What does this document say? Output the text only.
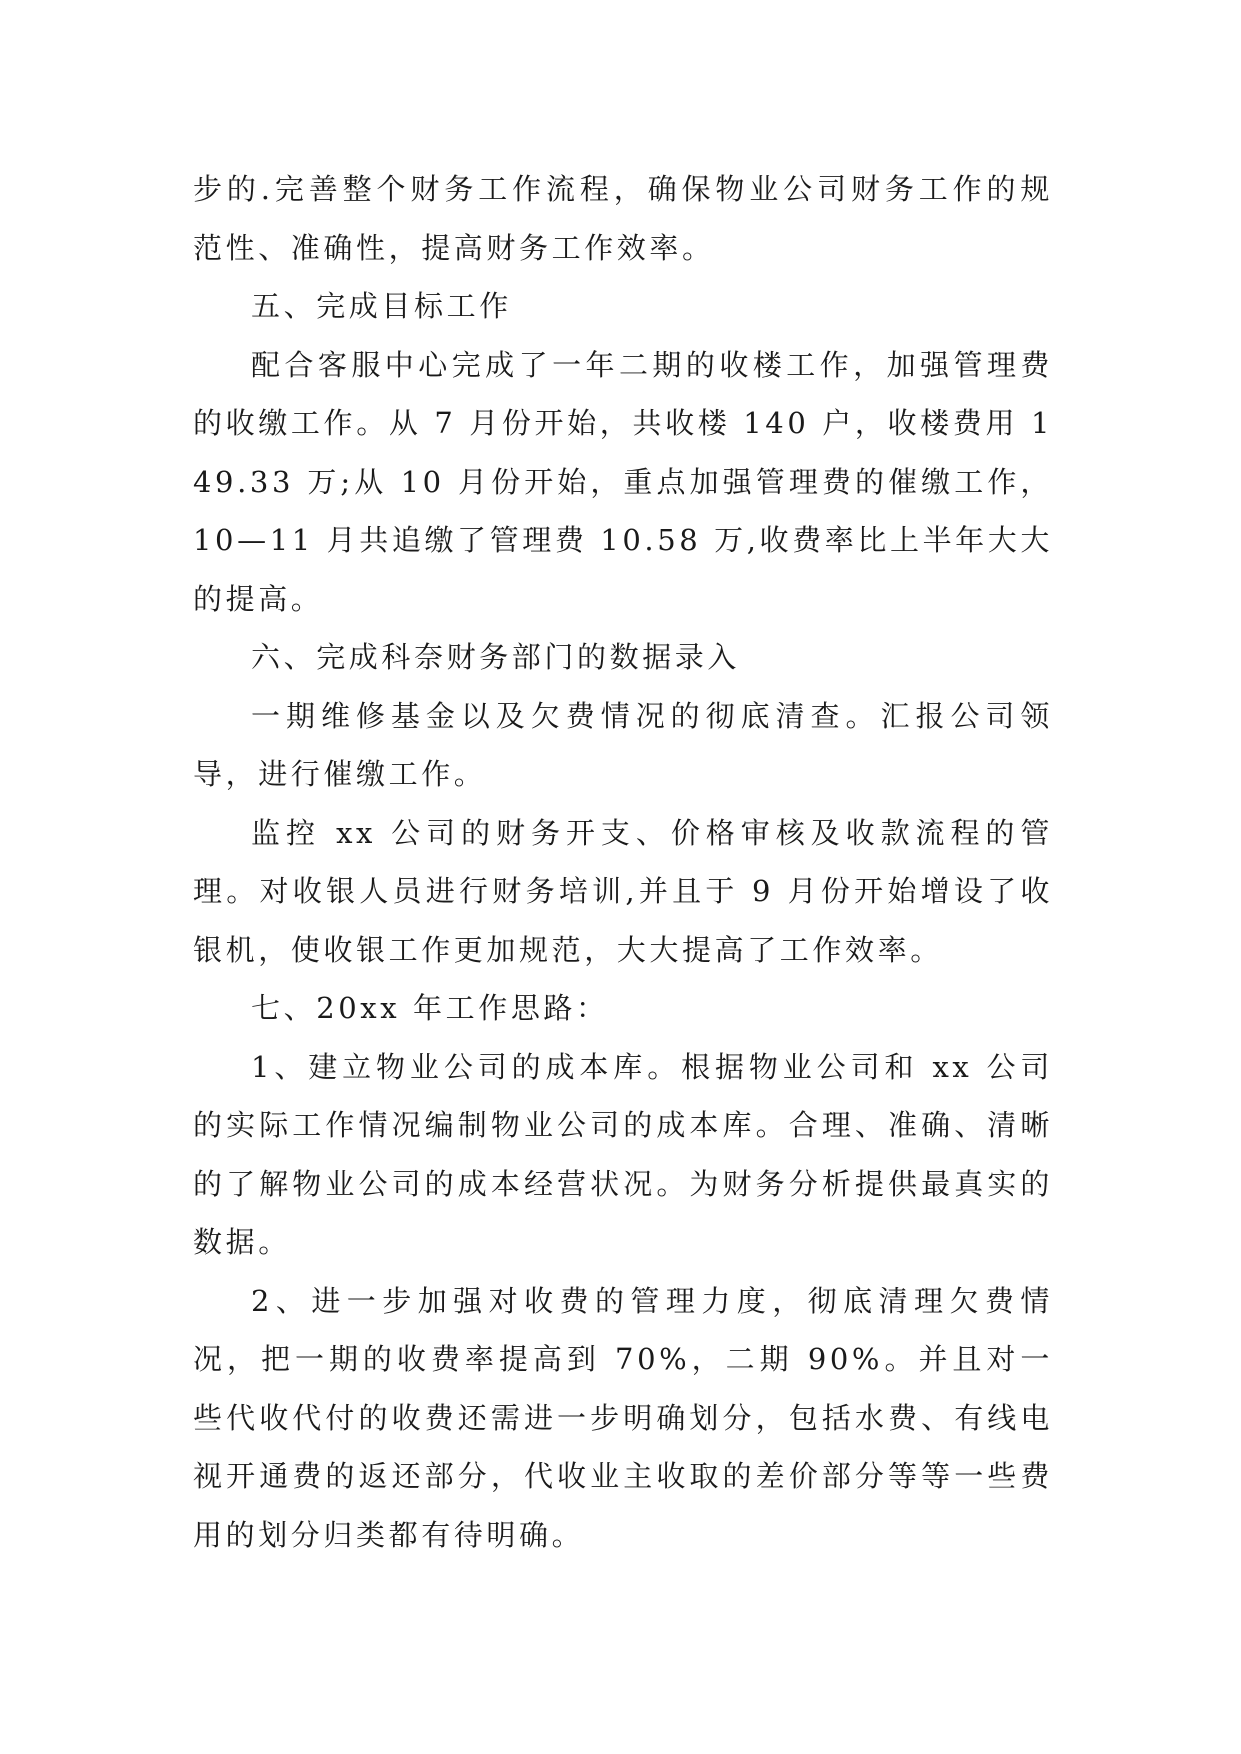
步的.完善整个财务工作流程，确保物业公司财务工作的规范性、准确性，提高财务工作效率。

五、完成目标工作

配合客服中心完成了一年二期的收楼工作，加强管理费的收缴工作。从 7 月份开始，共收楼 140 户，收楼费用 149.33 万;从 10 月份开始，重点加强管理费的催缴工作，10—11 月共追缴了管理费 10.58 万,收费率比上半年大大的提高。

六、完成科奈财务部门的数据录入

一期维修基金以及欠费情况的彻底清查。汇报公司领导，进行催缴工作。

监控 xx 公司的财务开支、价格审核及收款流程的管理。对收银人员进行财务培训,并且于 9 月份开始增设了收银机，使收银工作更加规范，大大提高了工作效率。

七、20xx 年工作思路：

1、建立物业公司的成本库。根据物业公司和 xx 公司的实际工作情况编制物业公司的成本库。合理、准确、清晰的了解物业公司的成本经营状况。为财务分析提供最真实的数据。

2、进一步加强对收费的管理力度，彻底清理欠费情况，把一期的收费率提高到 70%，二期 90%。并且对一些代收代付的收费还需进一步明确划分，包括水费、有线电视开通费的返还部分，代收业主收取的差价部分等等一些费用的划分归类都有待明确。
